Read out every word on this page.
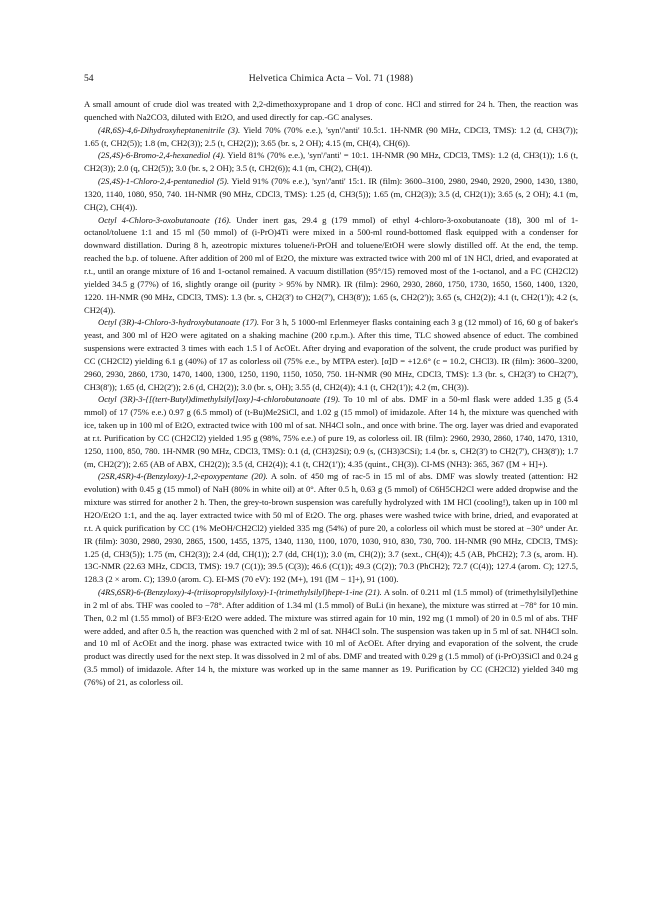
54	Helvetica Chimica Acta – Vol. 71 (1988)

A small amount of crude diol was treated with 2,2-dimethoxypropane and 1 drop of conc. HCl and stirred for 24 h. Then, the reaction was quenched with Na2CO3, diluted with Et2O, and used directly for cap.-GC analyses.

(4R,6S)-4,6-Dihydroxyheptanenitrile (3). Yield 70% (70% e.e.), 'syn'/'anti' 10.5:1. 1H-NMR (90 MHz, CDCl3, TMS): 1.2 (d, CH3(7)); 1.65 (t, CH2(5)); 1.8 (m, CH2(3)); 2.5 (t, CH2(2)); 3.65 (br. s, 2 OH); 4.15 (m, CH(4), CH(6)).

(2S,4S)-6-Bromo-2,4-hexanediol (4). Yield 81% (70% e.e.), 'syn'/'anti' = 10:1. 1H-NMR (90 MHz, CDCl3, TMS): 1.2 (d, CH3(1)); 1.6 (t, CH2(3)); 2.0 (q, CH2(5)); 3.0 (br. s, 2 OH); 3.5 (t, CH2(6)); 4.1 (m, CH(2), CH(4)).

(2S,4S)-1-Chloro-2,4-pentanediol (5). Yield 91% (70% e.e.), 'syn'/'anti' 15:1. IR (film): 3600–3100, 2980, 2940, 2920, 2900, 1430, 1380, 1320, 1140, 1080, 950, 740. 1H-NMR (90 MHz, CDCl3, TMS): 1.25 (d, CH3(5)); 1.65 (m, CH2(3)); 3.5 (d, CH2(1)); 3.65 (s, 2 OH); 4.1 (m, CH(2), CH(4)).

Octyl 4-Chloro-3-oxobutanoate (16). Under inert gas, 29.4 g (179 mmol) of ethyl 4-chloro-3-oxobutanoate (18), 300 ml of 1-octanol/toluene 1:1 and 15 ml (50 mmol) of (i-PrO)4Ti were mixed in a 500-ml round-bottomed flask equipped with a condenser for downward distillation. During 8 h, azeotropic mixtures toluene/i-PrOH and toluene/EtOH were slowly distilled off. At the end, the temp. reached the b.p. of toluene. After addition of 200 ml of Et2O, the mixture was extracted twice with 200 ml of 1N HCl, dried, and evaporated at r.t., until an orange mixture of 16 and 1-octanol remained. A vacuum distillation (95°/15) removed most of the 1-octanol, and a FC (CH2Cl2) yielded 34.5 g (77%) of 16, slightly orange oil (purity > 95% by NMR). IR (film): 2960, 2930, 2860, 1750, 1730, 1650, 1560, 1400, 1320, 1220. 1H-NMR (90 MHz, CDCl3, TMS): 1.3 (br. s, CH2(3') to CH2(7'), CH3(8')); 1.65 (s, CH2(2')); 3.65 (s, CH2(2)); 4.1 (t, CH2(1')); 4.2 (s, CH2(4)).

Octyl (3R)-4-Chloro-3-hydroxybutanoate (17). For 3 h, 5 1000-ml Erlenmeyer flasks containing each 3 g (12 mmol) of 16, 60 g of baker's yeast, and 300 ml of H2O were agitated on a shaking machine (200 r.p.m.). After this time, TLC showed absence of educt. The combined suspensions were extracted 3 times with each 1.5 l of AcOEt. After drying and evaporation of the solvent, the crude product was purified by CC (CH2Cl2) yielding 6.1 g (40%) of 17 as colorless oil (75% e.e., by MTPA ester). [α]D = +12.6° (c = 10.2, CHCl3). IR (film): 3600–3200, 2960, 2930, 2860, 1730, 1470, 1400, 1300, 1250, 1190, 1150, 1050, 750. 1H-NMR (90 MHz, CDCl3, TMS): 1.3 (br. s, CH2(3') to CH2(7'), CH3(8')); 1.65 (d, CH2(2')); 2.6 (d, CH2(2)); 3.0 (br. s, OH); 3.55 (d, CH2(4)); 4.1 (t, CH2(1')); 4.2 (m, CH(3)).

Octyl (3R)-3-{[(tert-Butyl)dimethylsilyl]oxy}-4-chlorobutanoate (19). To 10 ml of abs. DMF in a 50-ml flask were added 1.35 g (5.4 mmol) of 17 (75% e.e.) 0.97 g (6.5 mmol) of (t-Bu)Me2SiCl, and 1.02 g (15 mmol) of imidazole. After 14 h, the mixture was quenched with ice, taken up in 100 ml of Et2O, extracted twice with 100 ml of sat. NH4Cl soln., and once with brine. The org. layer was dried and evaporated at r.t. Purification by CC (CH2Cl2) yielded 1.95 g (98%, 75% e.e.) of pure 19, as colorless oil. IR (film): 2960, 2930, 2860, 1740, 1470, 1310, 1250, 1100, 850, 780. 1H-NMR (90 MHz, CDCl3, TMS): 0.1 (d, (CH3)2Si); 0.9 (s, (CH3)3CSi); 1.4 (br. s, CH2(3') to CH2(7'), CH3(8')); 1.7 (m, CH2(2')); 2.65 (AB of ABX, CH2(2)); 3.5 (d, CH2(4)); 4.1 (t, CH2(1')); 4.35 (quint., CH(3)). CI-MS (NH3): 365, 367 ([M + H]+).

(2SR,4SR)-4-(Benzyloxy)-1,2-epoxypentane (20). A soln. of 450 mg of rac-5 in 15 ml of abs. DMF was slowly treated (attention: H2 evolution) with 0.45 g (15 mmol) of NaH (80% in white oil) at 0°. After 0.5 h, 0.63 g (5 mmol) of C6H5CH2Cl were added dropwise and the mixture was stirred for another 2 h. Then, the grey-to-brown suspension was carefully hydrolyzed with 1M HCl (cooling!), taken up in 100 ml H2O/Et2O 1:1, and the aq. layer extracted twice with 50 ml of Et2O. The org. phases were washed twice with brine, dried, and evaporated at r.t. A quick purification by CC (1% MeOH/CH2Cl2) yielded 335 mg (54%) of pure 20, a colorless oil which must be stored at −30° under Ar. IR (film): 3030, 2980, 2930, 2865, 1500, 1455, 1375, 1340, 1130, 1100, 1070, 1030, 910, 830, 730, 700. 1H-NMR (90 MHz, CDCl3, TMS): 1.25 (d, CH3(5)); 1.75 (m, CH2(3)); 2.4 (dd, CH(1)); 2.7 (dd, CH(1)); 3.0 (m, CH(2)); 3.7 (sext., CH(4)); 4.5 (AB, PhCH2); 7.3 (s, arom. H). 13C-NMR (22.63 MHz, CDCl3, TMS): 19.7 (C(1)); 39.5 (C(3)); 46.6 (C(1)); 49.3 (C(2)); 70.3 (PhCH2); 72.7 (C(4)); 127.4 (arom. C); 127.5, 128.3 (2 × arom. C); 139.0 (arom. C). EI-MS (70 eV): 192 (M+), 191 ([M − 1]+), 91 (100).

(4RS,6SR)-6-(Benzyloxy)-4-(triisopropylsilyloxy)-1-(trimethylsilyl)hept-1-ine (21). A soln. of 0.211 ml (1.5 mmol) of (trimethylsilyl)ethine in 2 ml of abs. THF was cooled to −78°. After addition of 1.34 ml (1.5 mmol) of BuLi (in hexane), the mixture was stirred at −78° for 10 min. Then, 0.2 ml (1.55 mmol) of BF3·Et2O were added. The mixture was stirred again for 10 min, 192 mg (1 mmol) of 20 in 0.5 ml of abs. THF were added, and after 0.5 h, the reaction was quenched with 2 ml of sat. NH4Cl soln. The suspension was taken up in 5 ml of sat. NH4Cl soln. and 10 ml of AcOEt and the inorg. phase was extracted twice with 10 ml of AcOEt. After drying and evaporation of the solvent, the crude product was directly used for the next step. It was dissolved in 2 ml of abs. DMF and treated with 0.29 g (1.5 mmol) of (i-PrO)3SiCl and 0.24 g (3.5 mmol) of imidazole. After 14 h, the mixture was worked up in the same manner as 19. Purification by CC (CH2Cl2) yielded 340 mg (76%) of 21, as colorless oil.
